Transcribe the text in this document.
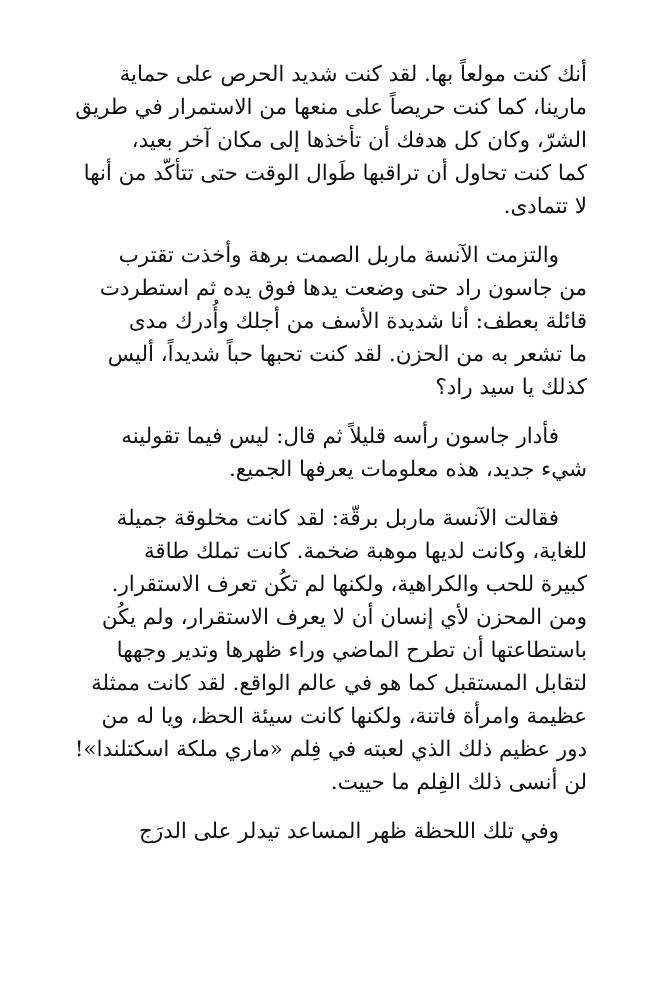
أنك كنت مولعاً بها. لقد كنت شديد الحرص على حماية
مارينا، كما كنت حريصاً على منعها من الاستمرار في طريق
الشرّ، وكان كل هدفك أن تأخذها إلى مكان آخر بعيد،
كما كنت تحاول أن تراقبها طَوال الوقت حتى تتأكّد من أنها
لا تتمادى.

والتزمت الآنسة ماربل الصمت برهة وأخذت تقترب
من جاسون راد حتى وضعت يدها فوق يده ثم استطردت
قائلة بعطف: أنا شديدة الأسف من أجلك وأُدرك مدى
ما تشعر به من الحزن. لقد كنت تحبها حباً شديداً، أليس
كذلك يا سيد راد؟

فأدار جاسون رأسه قليلاً ثم قال: ليس فيما تقولينه
شيء جديد، هذه معلومات يعرفها الجميع.

فقالت الآنسة ماربل برقّة: لقد كانت مخلوقة جميلة
للغاية، وكانت لديها موهبة ضخمة. كانت تملك طاقة
كبيرة للحب والكراهية، ولكنها لم تكُن تعرف الاستقرار.
ومن المحزن لأي إنسان أن لا يعرف الاستقرار، ولم يكُن
باستطاعتها أن تطرح الماضي وراء ظهرها وتدير وجهها
لتقابل المستقبل كما هو في عالم الواقع. لقد كانت ممثلة
عظيمة وامرأة فاتنة، ولكنها كانت سيئة الحظ، ويا له من
دور عظيم ذلك الذي لعبته في فِلم «ماري ملكة اسكتلندا»!
لن أنسى ذلك الفِلم ما حييت.

وفي تلك اللحظة ظهر المساعد تيدلر على الدرَج
